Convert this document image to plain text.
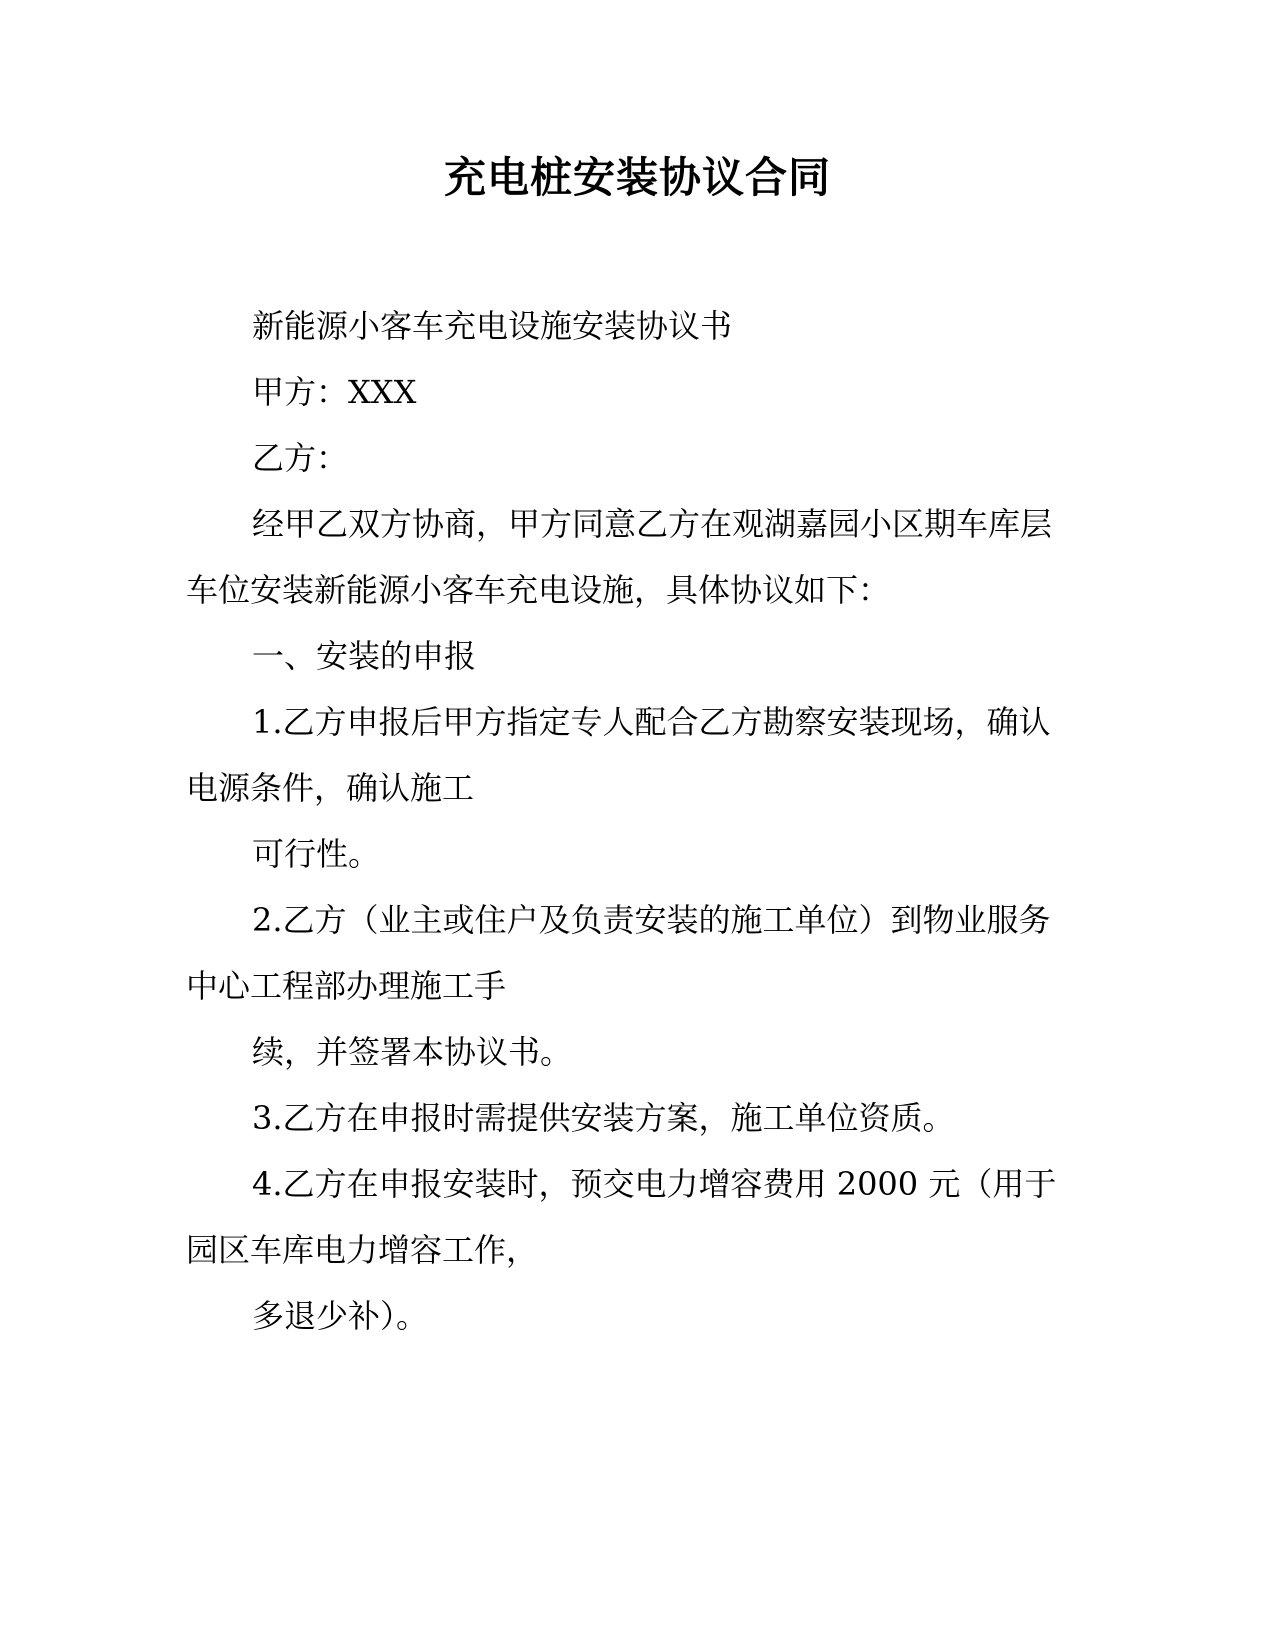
充电桩安装协议合同

新能源小客车充电设施安装协议书

甲方：XXX

乙方：

经甲乙双方协商，甲方同意乙方在观湖嘉园小区期车库层

车位安装新能源小客车充电设施，具体协议如下：

一、安装的申报

1.乙方申报后甲方指定专人配合乙方勘察安装现场，确认

电源条件，确认施工

可行性。

2.乙方（业主或住户及负责安装的施工单位）到物业服务

中心工程部办理施工手

续，并签署本协议书。

3.乙方在申报时需提供安装方案，施工单位资质。

4.乙方在申报安装时，预交电力增容费用 2000 元（用于

园区车库电力增容工作，

多退少补）。
